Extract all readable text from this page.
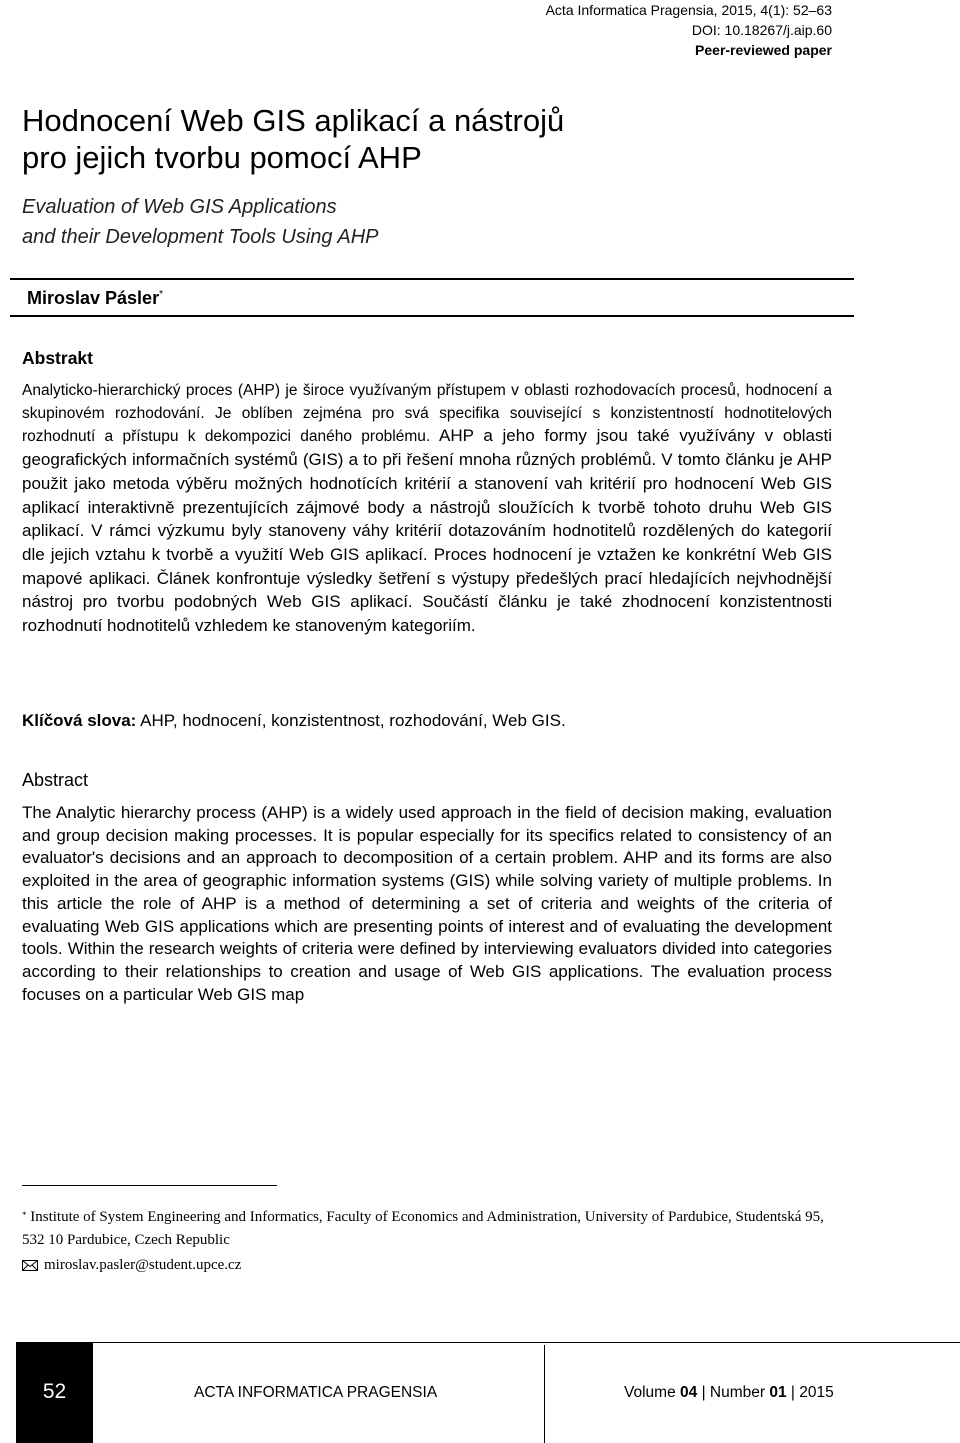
Acta Informatica Pragensia, 2015, 4(1): 52–63
DOI: 10.18267/j.aip.60
Peer-reviewed paper
Hodnocení Web GIS aplikací a nástrojů
pro jejich tvorbu pomocí AHP
Evaluation of Web GIS Applications
and their Development Tools Using AHP
Miroslav Pásler*
Abstrakt
Analyticko-hierarchický proces (AHP) je široce využívaným přístupem v oblasti rozhodovacích procesů, hodnocení a skupinovém rozhodování. Je oblíben zejména pro svá specifika související s konzistentností hodnotitelových rozhodnutí a přístupu k dekompozici daného problému. AHP a jeho formy jsou také využívány v oblasti geografických informačních systémů (GIS) a to při řešení mnoha různých problémů. V tomto článku je AHP použit jako metoda výběru možných hodnotících kritérií a stanovení vah kritérií pro hodnocení Web GIS aplikací interaktivně prezentujících zájmové body a nástrojů sloužících k tvorbě tohoto druhu Web GIS aplikací. V rámci výzkumu byly stanoveny váhy kritérií dotazováním hodnotitelů rozdělených do kategorií dle jejich vztahu k tvorbě a využití Web GIS aplikací. Proces hodnocení je vztažen ke konkrétní Web GIS mapové aplikaci. Článek konfrontuje výsledky šetření s výstupy předešlých prací hledajících nejvhodnější nástroj pro tvorbu podobných Web GIS aplikací. Součástí článku je také zhodnocení konzistentnosti rozhodnutí hodnotitelů vzhledem ke stanoveným kategoriím.
Klíčová slova: AHP, hodnocení, konzistentnost, rozhodování, Web GIS.
Abstract
The Analytic hierarchy process (AHP) is a widely used approach in the field of decision making, evaluation and group decision making processes. It is popular especially for its specifics related to consistency of an evaluator's decisions and an approach to decomposition of a certain problem. AHP and its forms are also exploited in the area of geographic information systems (GIS) while solving variety of multiple problems. In this article the role of AHP is a method of determining a set of criteria and weights of the criteria of evaluating Web GIS applications which are presenting points of interest and of evaluating the development tools. Within the research weights of criteria were defined by interviewing evaluators divided into categories according to their relationships to creation and usage of Web GIS applications. The evaluation process focuses on a particular Web GIS map
* Institute of System Engineering and Informatics, Faculty of Economics and Administration, University of Pardubice, Studentská 95, 532 10 Pardubice, Czech Republic
miroslav.pasler@student.upce.cz
52	ACTA INFORMATICA PRAGENSIA	Volume 04 | Number 01 | 2015
